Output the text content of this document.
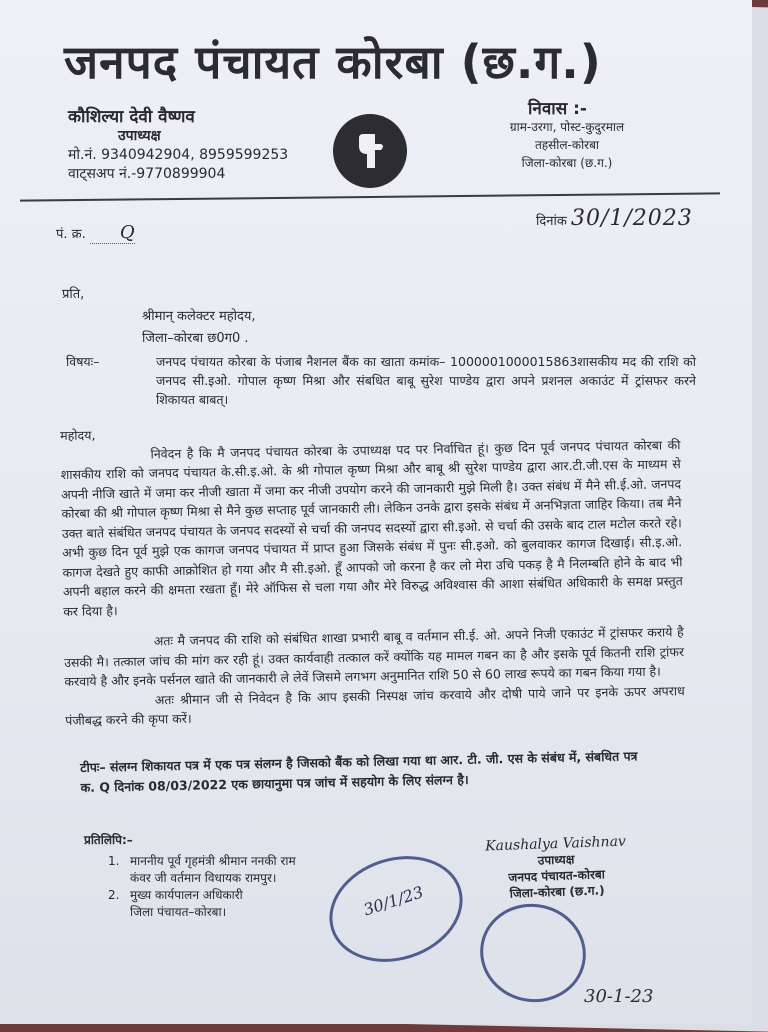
जनपद पंचायत कोरबा (छ.ग.)
कौशिल्या देवी वैष्णव
उपाध्यक्ष
मो.नं. 9340942904, 8959599253
वाट्सअप नं.-9770899904
निवास :-
ग्राम-उरगा, पोस्ट-कुदुरमाल
तहसील-कोरबा
जिला-कोरबा (छ.ग.)
पं. क्र. Q
दिनांक 30/1/2023
प्रति,
श्रीमान् कलेक्टर महोदय,
जिला–कोरबा छ0ग0 .
विषयः–	जनपद पंचायत कोरबा के पंजाब नैशनल बैंक का खाता कमांक– 1000001000015863शासकीय मद की राशि को जनपद सी.इओ. गोपाल कृष्ण मिश्रा और संबधित बाबू सुरेश पाण्डेय द्वारा अपने प्रशनल अकाउंट में ट्रांसफर करने शिकायत बाबत्।

महोदय,

निवेदन है कि मै जनपद पंचायत कोरबा के उपाध्यक्ष पद पर निर्वाचित हूं। कुछ दिन पूर्व जनपद पंचायत कोरबा की शासकीय राशि को जनपद पंचायत के.सी.इ.ओ. के श्री गोपाल कृष्ण मिश्रा और बाबू श्री सुरेश पाण्डेय द्वारा आर.टी.जी.एस के माध्यम से अपनी नीजि खाते में जमा कर नीजी खाता में जमा कर नीजी उपयोग करने की जानकारी मुझे मिली है। उक्त संबंध में मैने सी.ई.ओ. जनपद कोरबा की श्री गोपाल कृष्ण मिश्रा से मैने कुछ सप्ताह पूर्व जानकारी ली। लेकिन उनके द्वारा इसके संबंध में अनभिज्ञता जाहिर किया। तब मैने उक्त बाते संबंधित जनपद पंचायत के जनपद सदस्यों से चर्चा की जनपद सदस्यों द्वारा सी.इओ. से चर्चा की उसके बाद टाल मटोल करते रहे। अभी कुछ दिन पूर्व मुझे एक कागज जनपद पंचायत में प्राप्त हुआ जिसके संबंध में पुनः सी.इओ. को बुलवाकर कागज दिखाई। सी.इ.ओ. कागज देखते हुए काफी आक्रोशित हो गया और मै सी.इओ. हूँ आपको जो करना है कर लो मेरा उचि पकड़ है मै निलम्बति होने के बाद भी अपनी बहाल करने की क्षमता रखता हूँ। मेरे ऑफिस से चला गया और मेरे विरुद्ध अविश्वास की आशा संबंधित अधिकारी के समक्ष प्रस्तुत कर दिया है।

अतः मै जनपद की राशि को संबंधित शाखा प्रभारी बाबू व वर्तमान सी.ई. ओ. अपने निजी एकाउंट में ट्रांसफर कराये है उसकी मै। तत्काल जांच की मांग कर रही हूं। उक्त कार्यवाही तत्काल करें क्योंकि यह मामल गबन का है और इसके पूर्व कितनी राशि ट्रांफर करवाये है और इनके पर्सनल खाते की जानकारी ले लेवें जिसमे लगभग अनुमानित राशि 50 से 60 लाख रूपये का गबन किया गया है।

अतः श्रीमान जी से निवेदन है कि आप इसकी निस्पक्ष जांच करवाये और दोषी पाये जाने पर इनके ऊपर अपराध पंजीबद्ध करने की कृपा करें।

टीपः– संलग्न शिकायत पत्र में एक पत्र संलग्न है जिसको बैंक को लिखा गया था आर. टी. जी. एस के संबंध में, संबधित पत्र क. Q दिनांक 08/03/2022 एक छायानुमा पत्र जांच में सहयोग के लिए संलग्न है।
प्रतिलिपि:–
1. माननीय पूर्व गृहमंत्री श्रीमान ननकी राम
कंवर जी वर्तमान विधायक रामपुर।
2. मुख्य कार्यपालन अधिकारी
जिला पंचायत–कोरबा।
Kaushalya Vaishnav
उपाध्यक्ष
जनपद पंचायत-कोरबा
जिला-कोरबा (छ.ग.)
30/1/23
30-1-23
